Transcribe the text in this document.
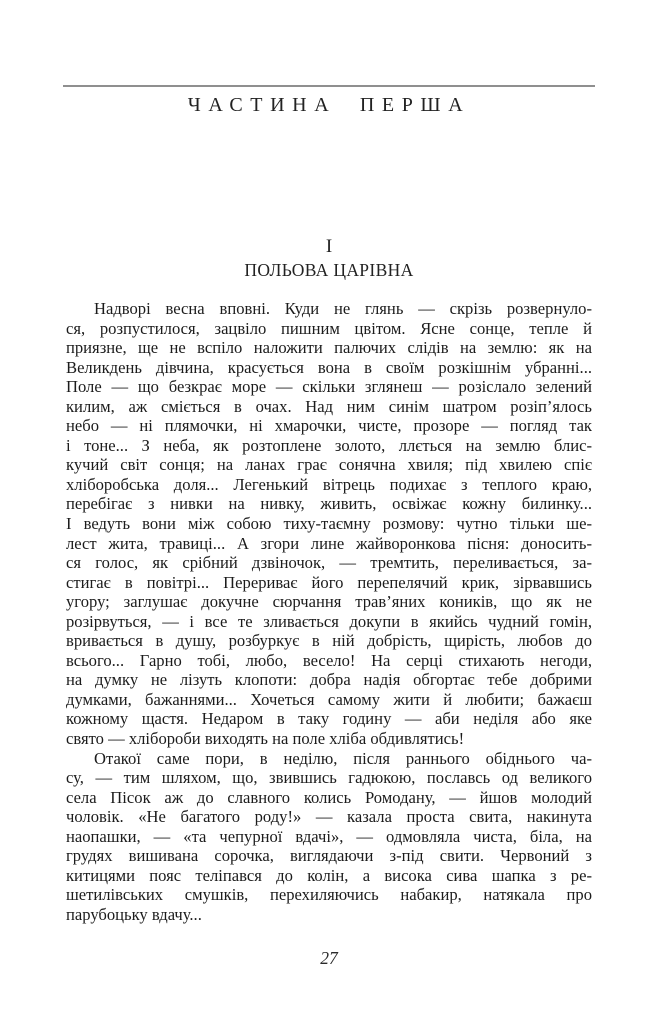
ЧАСТИНА ПЕРША
I
ПОЛЬОВА ЦАРІВНА
Надворі весна вповні. Куди не глянь — скрізь розвернуло-
ся, розпустилося, зацвіло пишним цвітом. Ясне сонце, тепле й
приязне, ще не вспіло наложити палючих слідів на землю: як на
Великдень дівчина, красується вона в своїм розкішнім убранні...
Поле — що безкрає море — скільки зглянеш — розіслало зелений
килим, аж сміється в очах. Над ним синім шатром розіп’ялось
небо — ні плямочки, ні хмарочки, чисте, прозоре — погляд так
і тоне... З неба, як розтоплене золото, ллється на землю блис-
кучий світ сонця; на ланах грає сонячна хвиля; під хвилею спіє
хліборобська доля... Легенький вітрець подихає з теплого краю,
перебігає з нивки на нивку, живить, освіжає кожну билинку...
І ведуть вони між собою тиху-таємну розмову: чутно тільки ше-
лест жита, травиці... А згори лине жайворонкова пісня: доносить-
ся голос, як срібний дзвіночок, — тремтить, переливається, за-
стигає в повітрі... Перериває його перепелячий крик, зірвавшись
угору; заглушає докучне сюрчання трав’яних коників, що як не
розірвуться, — і все те зливається докупи в якийсь чудний гомін,
вривається в душу, розбуркує в ній добрість, щирість, любов до
всього... Гарно тобі, любо, весело! На серці стихають негоди,
на думку не лізуть клопоти: добра надія обгортає тебе добрими
думками, бажаннями... Хочеться самому жити й любити; бажаєш
кожному щастя. Недаром в таку годину — аби неділя або яке
свято — хлібороби виходять на поле хліба обдивлятись!
Отакої саме пори, в неділю, після раннього обіднього ча-
су, — тим шляхом, що, звившись гадюкою, пославсь од великого
села Пісок аж до славного колись Ромодану, — йшов молодий
чоловік. «Не багатого роду!» — казала проста свита, накинута
наопашки, — «та чепурної вдачі», — одмовляла чиста, біла, на
грудях вишивана сорочка, виглядаючи з-під свити. Червоний з
китицями пояс теліпався до колін, а висока сива шапка з ре-
шетилівських смушків, перехиляючись набакир, натякала про
парубоцьку вдачу...
27
